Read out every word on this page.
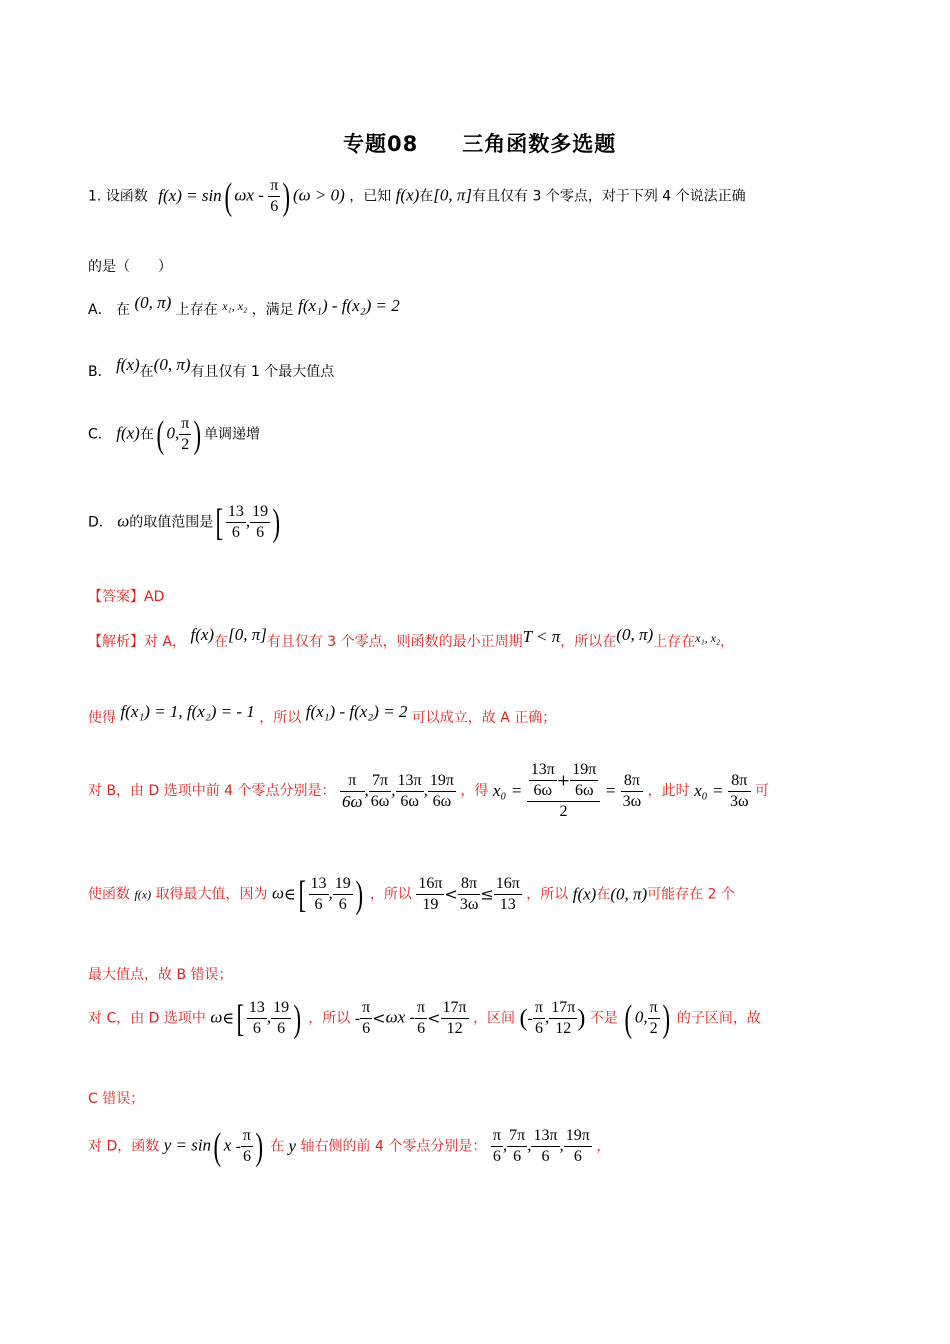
专题08　　三角函数多选题
1. 设函数 f(x) = sin( ωx - $\frac{\pi}{6}$ ) (ω > 0) ，已知 f(x)在[0, π]有且仅有 3 个零点，对于下列 4 个说法正确
的是（　　）
A． 在 (0, π) 上存在 x₁, x₂ ，满足 f(x₁) - f(x₂) = 2
B． f(x)在(0, π)有且仅有 1 个最大值点
C． f(x)在( 0, $\frac{\pi}{2}$ ) 单调递增
D． ω的取值范围是[ $\frac{13}{6}$ , $\frac{19}{6}$ )
【答案】AD
【解析】对 A， f(x)在[0, π]有且仅有 3 个零点，则函数的最小正周期T < π，所以在(0, π)上存在x₁, x₂，
使得 f(x₁) = 1, f(x₂) = - 1 ，所以 f(x₁) - f(x₂) = 2 可以成立，故 A 正确；
对 B，由 D 选项中前 4 个零点分别是： $\frac{\pi}{6\omega}$ , $\frac{7\pi}{6\omega}$ , $\frac{13\pi}{6\omega}$ , $\frac{19\pi}{6\omega}$ ，得 $x_0 = \frac{\frac{13\pi}{6\omega} + \frac{19\pi}{6\omega}}{2} = \frac{8\pi}{3\omega}$ ，此时 $x_0 = \frac{8\pi}{3\omega}$ 可
使函数 f(x) 取得最大值，因为 ω∈[ $\frac{13}{6}$ , $\frac{19}{6}$ ) ，所以 $\frac{16\pi}{19} < \frac{8\pi}{3\omega} \le \frac{16\pi}{13}$ ，所以 f(x)在(0, π)可能存在 2 个
最大值点，故 B 错误；
对 C，由 D 选项中 ω∈[ $\frac{13}{6}$ , $\frac{19}{6}$ ) ，所以 - $\frac{\pi}{6} <\omega x - \frac{\pi}{6} < \frac{17\pi}{12}$ ，区间 (- $\frac{\pi}{6}$ , $\frac{17\pi}{12}$ ) 不是 ( 0, $\frac{\pi}{2}$ ) 的子区间，故
C 错误；
对 D，函数 y = sin( x - $\frac{\pi}{6}$ ) 在 y 轴右侧的前 4 个零点分别是： $\frac{\pi}{6}$ , $\frac{7\pi}{6}$ , $\frac{13\pi}{6}$ , $\frac{19\pi}{6}$ ，
